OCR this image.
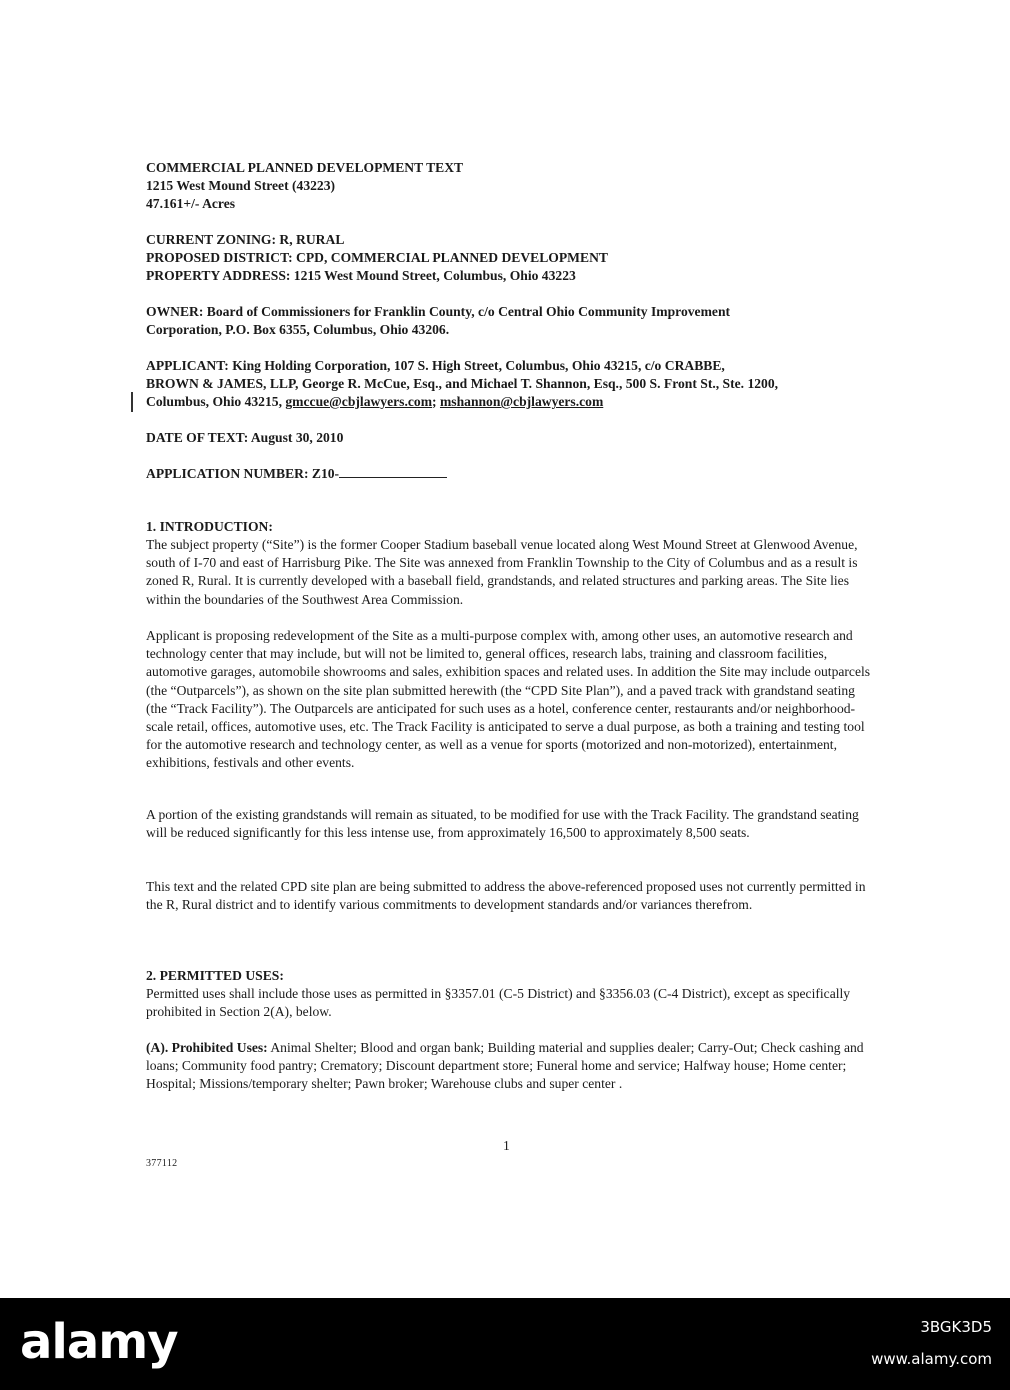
COMMERCIAL PLANNED DEVELOPMENT TEXT
1215 West Mound Street (43223)
47.161+/- Acres
CURRENT ZONING: R, RURAL
PROPOSED DISTRICT: CPD, COMMERCIAL PLANNED DEVELOPMENT
PROPERTY ADDRESS: 1215 West Mound Street, Columbus, Ohio 43223
OWNER: Board of Commissioners for Franklin County, c/o Central Ohio Community Improvement
Corporation, P.O. Box 6355, Columbus, Ohio 43206.
APPLICANT: King Holding Corporation, 107 S. High Street, Columbus, Ohio 43215, c/o CRABBE,
BROWN & JAMES, LLP, George R. McCue, Esq., and Michael T. Shannon, Esq., 500 S. Front St., Ste. 1200,
Columbus, Ohio 43215, gmccue@cbjlawyers.com; mshannon@cbjlawyers.com
DATE OF TEXT: August 30, 2010
APPLICATION NUMBER: Z10-
1. INTRODUCTION:

The subject property (“Site”) is the former Cooper Stadium baseball venue located along West Mound Street at Glenwood Avenue, south of I-70 and east of Harrisburg Pike. The Site was annexed from Franklin Township to the City of Columbus and as a result is zoned R, Rural. It is currently developed with a baseball field, grandstands, and related structures and parking areas. The Site lies within the boundaries of the Southwest Area Commission.

Applicant is proposing redevelopment of the Site as a multi-purpose complex with, among other uses, an automotive research and technology center that may include, but will not be limited to, general offices, research labs, training and classroom facilities, automotive garages, automobile showrooms and sales, exhibition spaces and related uses. In addition the Site may include outparcels (the “Outparcels”), as shown on the site plan submitted herewith (the “CPD Site Plan”), and a paved track with grandstand seating (the “Track Facility”). The Outparcels are anticipated for such uses as a hotel, conference center, restaurants and/or neighborhood-scale retail, offices, automotive uses, etc. The Track Facility is anticipated to serve a dual purpose, as both a training and testing tool for the automotive research and technology center, as well as a venue for sports (motorized and non-motorized), entertainment, exhibitions, festivals and other events.

A portion of the existing grandstands will remain as situated, to be modified for use with the Track Facility. The grandstand seating will be reduced significantly for this less intense use, from approximately 16,500 to approximately 8,500 seats.

This text and the related CPD site plan are being submitted to address the above-referenced proposed uses not currently permitted in the R, Rural district and to identify various commitments to development standards and/or variances therefrom.

2. PERMITTED USES:

Permitted uses shall include those uses as permitted in §3357.01 (C-5 District) and §3356.03 (C-4 District), except as specifically prohibited in Section 2(A), below.

(A). Prohibited Uses: Animal Shelter; Blood and organ bank; Building material and supplies dealer; Carry-Out; Check cashing and loans; Community food pantry; Crematory; Discount department store; Funeral home and service; Halfway house; Home center; Hospital; Missions/temporary shelter; Pawn broker; Warehouse clubs and super center .

1
377112
alamy	3BGK3D5
www.alamy.com
